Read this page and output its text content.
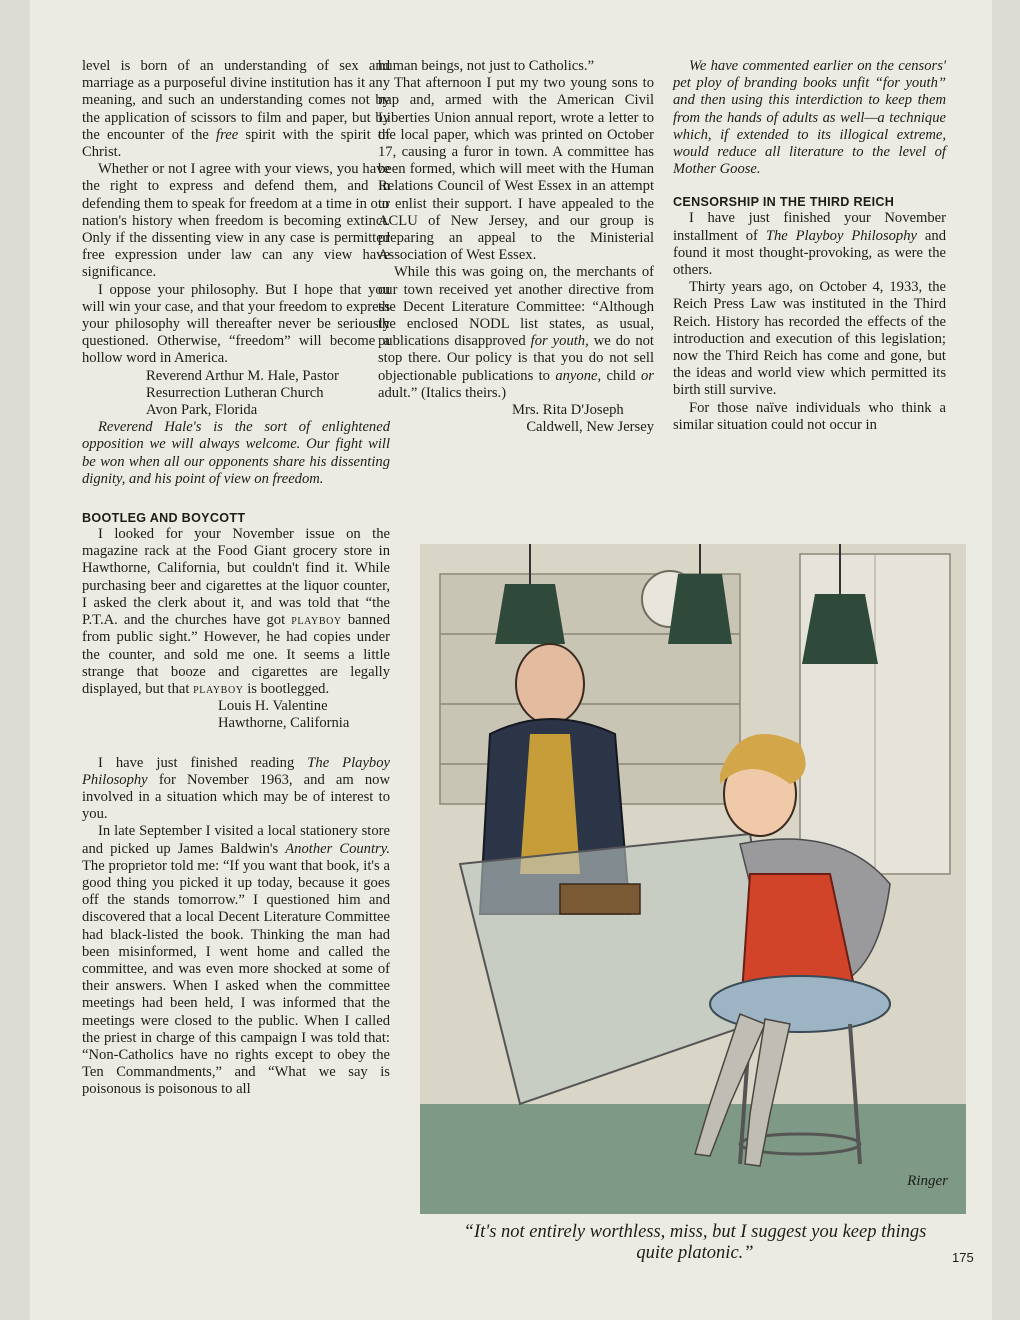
level is born of an understanding of sex and marriage as a purposeful divine institution has it any meaning, and such an understanding comes not by the application of scissors to film and paper, but by the encounter of the free spirit with the spirit of Christ.

Whether or not I agree with your views, you have the right to express and defend them, and in defending them to speak for freedom at a time in our nation's history when freedom is becoming extinct. Only if the dissenting view in any case is permitted free expression under law can any view have significance.

I oppose your philosophy. But I hope that you will win your case, and that your freedom to express your philosophy will thereafter never be seriously questioned. Otherwise, “freedom” will become a hollow word in America.

Reverend Arthur M. Hale, Pastor

Resurrection Lutheran Church

Avon Park, Florida

Reverend Hale's is the sort of enlightened opposition we will always welcome. Our fight will be won when all our opponents share his dissenting dignity, and his point of view on freedom.

BOOTLEG AND BOYCOTT

I looked for your November issue on the magazine rack at the Food Giant grocery store in Hawthorne, California, but couldn't find it. While purchasing beer and cigarettes at the liquor counter, I asked the clerk about it, and was told that “the P.T.A. and the churches have got playboy banned from public sight.” However, he had copies under the counter, and sold me one. It seems a little strange that booze and cigarettes are legally displayed, but that playboy is bootlegged.

Louis H. Valentine

Hawthorne, California

I have just finished reading The Playboy Philosophy for November 1963, and am now involved in a situation which may be of interest to you.

In late September I visited a local stationery store and picked up James Baldwin's Another Country. The proprietor told me: “If you want that book, it's a good thing you picked it up today, because it goes off the stands tomorrow.” I questioned him and discovered that a local Decent Literature Committee had black-listed the book. Thinking the man had been misinformed, I went home and called the committee, and was even more shocked at some of their answers. When I asked when the committee meetings had been held, I was informed that the meetings were closed to the public. When I called the priest in charge of this campaign I was told that: “Non-Catholics have no rights except to obey the Ten Commandments,” and “What we say is poisonous is poisonous to all

human beings, not just to Catholics.”

That afternoon I put my two young sons to nap and, armed with the American Civil Liberties Union annual report, wrote a letter to the local paper, which was printed on October 17, causing a furor in town. A committee has been formed, which will meet with the Human Relations Council of West Essex in an attempt to enlist their support. I have appealed to the ACLU of New Jersey, and our group is preparing an appeal to the Ministerial Association of West Essex.

While this was going on, the merchants of our town received yet another directive from the Decent Literature Committee: “Although the enclosed NODL list states, as usual, publications disapproved for youth, we do not stop there. Our policy is that you do not sell objectionable publications to anyone, child or adult.” (Italics theirs.)

Mrs. Rita D'Joseph

Caldwell, New Jersey

We have commented earlier on the censors' pet ploy of branding books unfit “for youth” and then using this interdiction to keep them from the hands of adults as well—a technique which, if extended to its illogical extreme, would reduce all literature to the level of Mother Goose.

CENSORSHIP IN THE THIRD REICH

I have just finished your November installment of The Playboy Philosophy and found it most thought-provoking, as were the others.

Thirty years ago, on October 4, 1933, the Reich Press Law was instituted in the Third Reich. History has recorded the effects of the introduction and execution of this legislation; now the Third Reich has come and gone, but the ideas and world view which permitted its birth still survive.

For those naïve individuals who think a similar situation could not occur in

Ringer
“It's not entirely worthless, miss, but I suggest you keep things quite platonic.”	175
